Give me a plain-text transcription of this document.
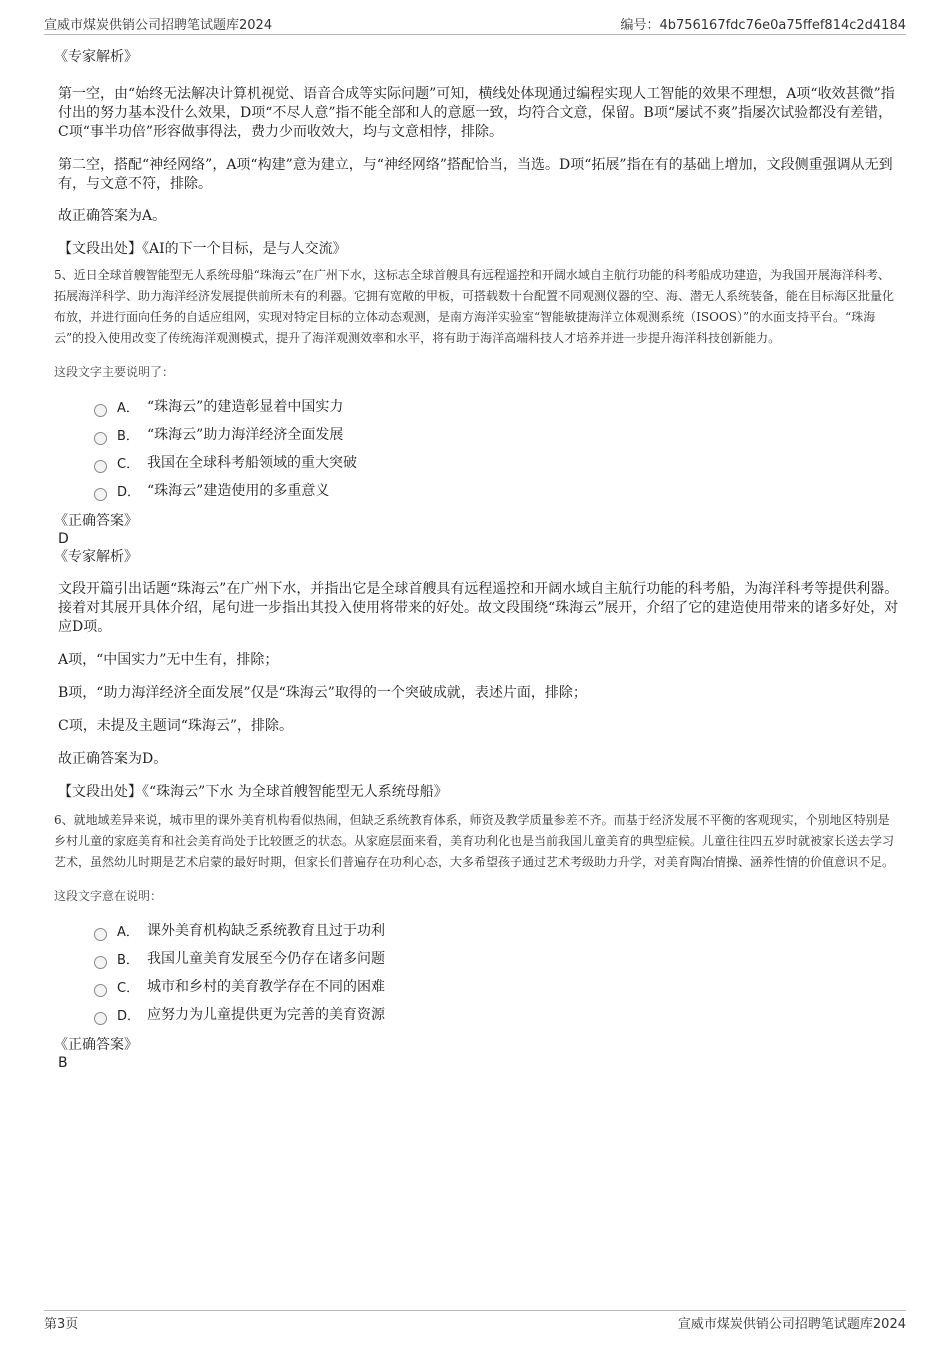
宣威市煤炭供销公司招聘笔试题库2024	编号：4b756167fdc76e0a75ffef814c2d4184

《专家解析》

第一空，由“始终无法解决计算机视觉、语音合成等实际问题”可知，横线处体现通过编程实现人工智能的效果不理想，A项“收效甚微”指付出的努力基本没什么效果，D项“不尽人意”指不能全部和人的意愿一致，均符合文意，保留。B项“屡试不爽”指屡次试验都没有差错，C项“事半功倍”形容做事得法，费力少而收效大，均与文意相悖，排除。

第二空，搭配“神经网络”，A项“构建”意为建立，与“神经网络”搭配恰当，当选。D项“拓展”指在有的基础上增加，文段侧重强调从无到有，与文意不符，排除。

故正确答案为A。

【文段出处】《AI的下一个目标，是与人交流》

5、近日全球首艘智能型无人系统母船“珠海云”在广州下水，这标志全球首艘具有远程遥控和开阔水域自主航行功能的科考船成功建造，为我国开展海洋科考、拓展海洋科学、助力海洋经济发展提供前所未有的利器。它拥有宽敞的甲板，可搭载数十台配置不同观测仪器的空、海、潜无人系统装备，能在目标海区批量化布放，并进行面向任务的自适应组网，实现对特定目标的立体动态观测，是南方海洋实验室“智能敏捷海洋立体观测系统（ISOOS）”的水面支持平台。“珠海云”的投入使用改变了传统海洋观测模式，提升了海洋观测效率和水平，将有助于海洋高端科技人才培养并进一步提升海洋科技创新能力。

这段文字主要说明了：

A． “珠海云”的建造彰显着中国实力
B． “珠海云”助力海洋经济全面发展
C． 我国在全球科考船领域的重大突破
D． “珠海云”建造使用的多重意义

《正确答案》

D

《专家解析》

文段开篇引出话题“珠海云”在广州下水，并指出它是全球首艘具有远程遥控和开阔水域自主航行功能的科考船，为海洋科考等提供利器。接着对其展开具体介绍，尾句进一步指出其投入使用将带来的好处。故文段围绕“珠海云”展开，介绍了它的建造使用带来的诸多好处，对应D项。

A项，“中国实力”无中生有，排除；

B项，“助力海洋经济全面发展”仅是“珠海云”取得的一个突破成就，表述片面，排除；

C项，未提及主题词“珠海云”，排除。

故正确答案为D。

【文段出处】《“珠海云”下水 为全球首艘智能型无人系统母船》

6、就地域差异来说，城市里的课外美育机构看似热闹，但缺乏系统教育体系，师资及教学质量参差不齐。而基于经济发展不平衡的客观现实，个别地区特别是乡村儿童的家庭美育和社会美育尚处于比较匮乏的状态。从家庭层面来看，美育功利化也是当前我国儿童美育的典型症候。儿童往往四五岁时就被家长送去学习艺术，虽然幼儿时期是艺术启蒙的最好时期，但家长们普遍存在功利心态，大多希望孩子通过艺术考级助力升学，对美育陶冶情操、涵养性情的价值意识不足。

这段文字意在说明：

A． 课外美育机构缺乏系统教育且过于功利
B． 我国儿童美育发展至今仍存在诸多问题
C． 城市和乡村的美育教学存在不同的困难
D． 应努力为儿童提供更为完善的美育资源

《正确答案》

B

第3页	宣威市煤炭供销公司招聘笔试题库2024
